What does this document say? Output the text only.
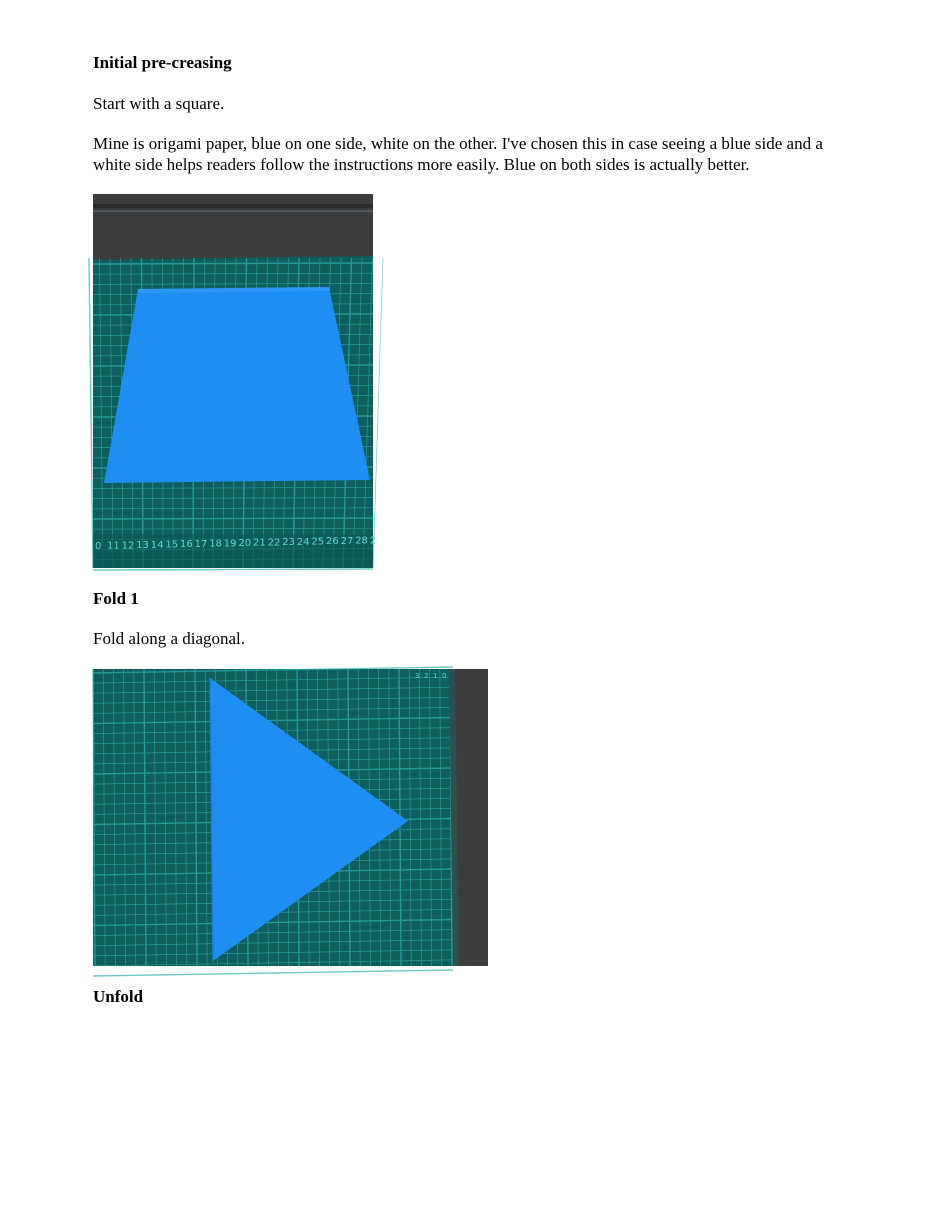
Initial pre-creasing
Start with a square.
Mine is origami paper, blue on one side, white on the other. I've chosen this in case seeing a blue side and a white side helps readers follow the instructions more easily. Blue on both sides is actually better.
0 11 12 13 14 15 16 17 18 19 20 21 22 23 24 25 26 27 28 2
Fold 1
Fold along a diagonal.
3 2 1 0
Unfold
